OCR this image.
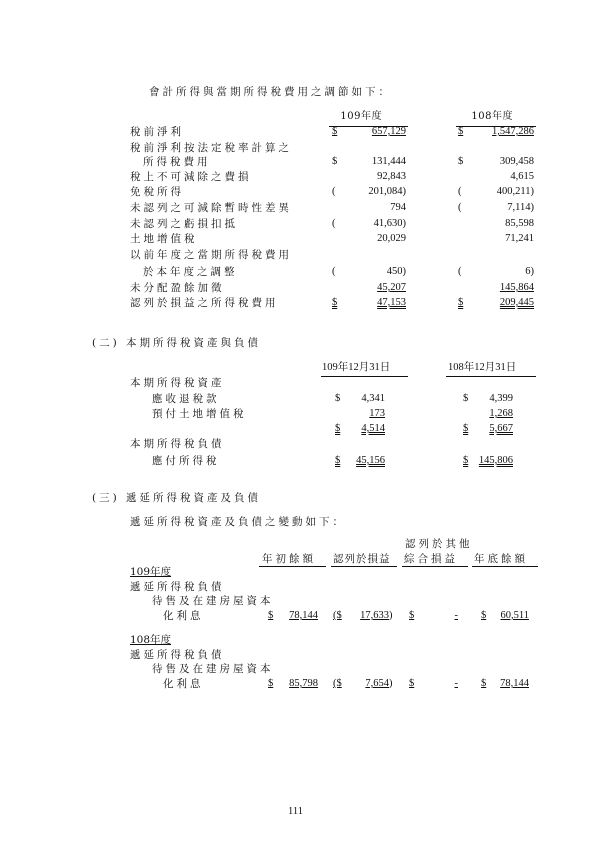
會計所得與當期所得稅費用之調節如下：
109年度	108年度
稅前淨利	$	657,129	$	1,547,286
稅前淨利按法定稅率計算之
所得稅費用	$	131,444	$	309,458
稅上不可減除之費損	92,843	4,615
免稅所得	(	201,084)	(	400,211)
未認列之可減除暫時性差異	794	(	7,114)
未認列之虧損扣抵	(	41,630)	85,598
土地增值稅	20,029	71,241
以前年度之當期所得稅費用
於本年度之調整	(	450)	(	6)
未分配盈餘加徵	45,207	145,864
認列於損益之所得稅費用	$	47,153	$	209,445
(二) 本期所得稅資產與負債
109年12月31日	108年12月31日
本期所得稅資產
應收退稅款	$	4,341	$	4,399
預付土地增值稅	173	1,268
$	4,514	$	5,667
本期所得稅負債
應付所得稅	$	45,156	$	145,806
(三) 遞延所得稅資產及負債
遞延所得稅資產及負債之變動如下：
認列於其他
年初餘額 認列於損益 綜合損益 年底餘額
109年度
遞延所得稅負債
待售及在建房屋資本
化利息	$	78,144 ($	17,633 ) $	- $	60,511
108年度
遞延所得稅負債
待售及在建房屋資本
化利息	$	85,798 ($	7,654 ) $	- $	78,144
111
